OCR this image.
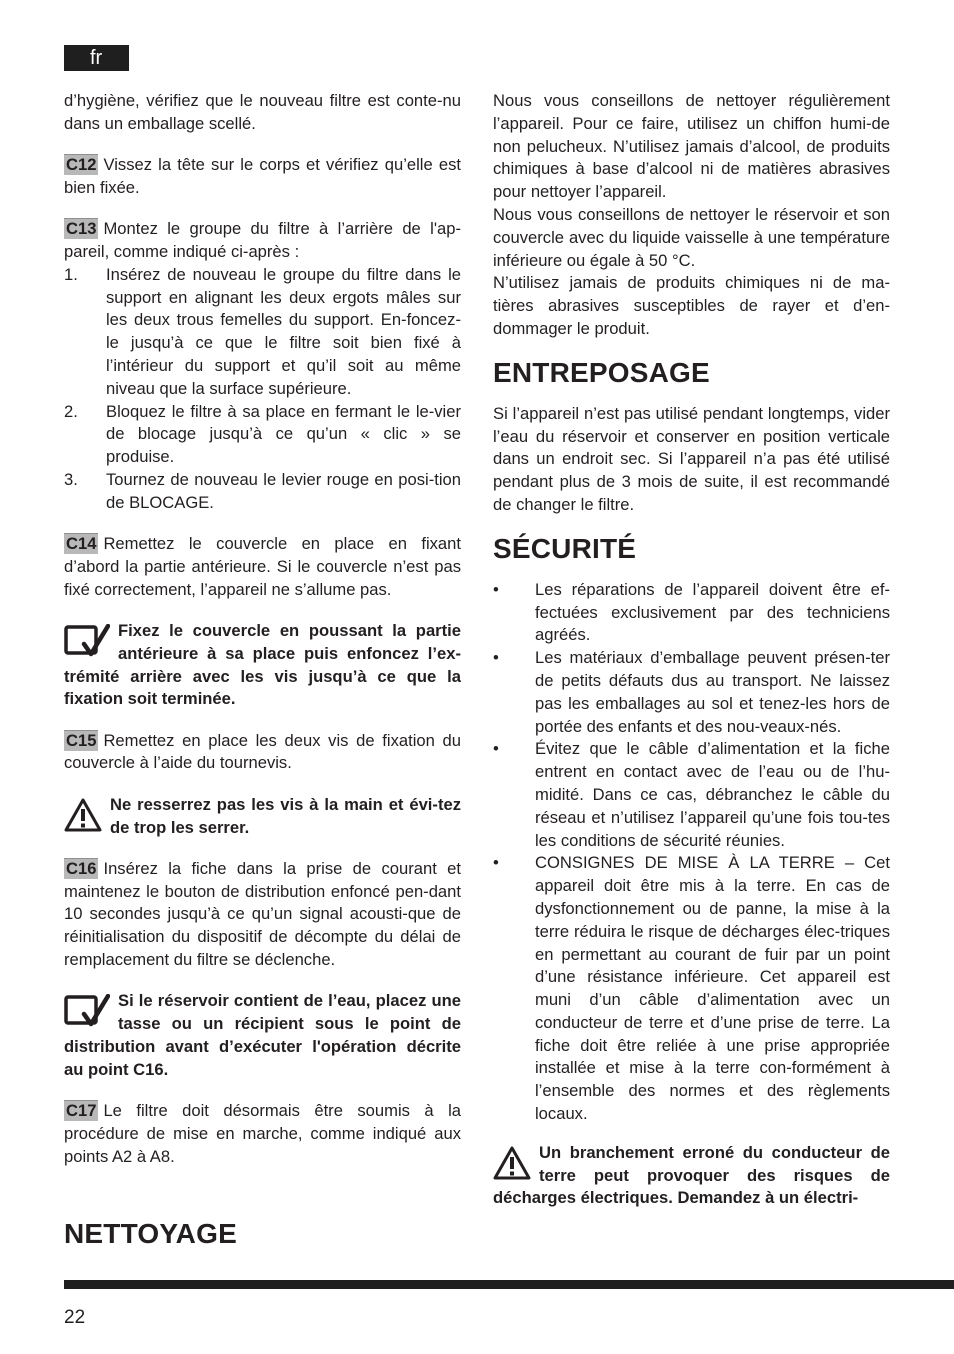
fr

d’hygiène, vérifiez que le nouveau filtre est conte-nu dans un emballage scellé.

C12 Vissez la tête sur le corps et vérifiez qu’elle est bien fixée.

C13 Montez le groupe du filtre à l’arrière de l'ap-pareil, comme indiqué ci-après :

1. Insérez de nouveau le groupe du filtre dans le support en alignant les deux ergots mâles sur les deux trous femelles du support. En-foncez-le jusqu’à ce que le filtre soit bien fixé à l’intérieur du support et qu’il soit au même niveau que la surface supérieure.
2. Bloquez le filtre à sa place en fermant le le-vier de blocage jusqu’à ce qu’un « clic » se produise.
3. Tournez de nouveau le levier rouge en posi-tion de BLOCAGE.

C14 Remettez le couvercle en place en fixant d’abord la partie antérieure. Si le couvercle n’est pas fixé correctement, l’appareil ne s’allume pas.

Fixez le couvercle en poussant la partie antérieure à sa place puis enfoncez l’ex-trémité arrière avec les vis jusqu’à ce que la fixation soit terminée.

C15 Remettez en place les deux vis de fixation du couvercle à l’aide du tournevis.

Ne resserrez pas les vis à la main et évi-tez de trop les serrer.

C16 Insérez la fiche dans la prise de courant et maintenez le bouton de distribution enfoncé pen-dant 10 secondes jusqu’à ce qu’un signal acousti-que de réinitialisation du dispositif de décompte du délai de remplacement du filtre se déclenche.

Si le réservoir contient de l’eau, placez une tasse ou un récipient sous le point de distribution avant d’exécuter l'opération décrite au point C16.

C17 Le filtre doit désormais être soumis à la procédure de mise en marche, comme indiqué aux points A2 à A8.

NETTOYAGE

Nous vous conseillons de nettoyer régulièrement l’appareil. Pour ce faire, utilisez un chiffon humi-de non pelucheux. N’utilisez jamais d’alcool, de produits chimiques à base d’alcool ni de matières abrasives pour nettoyer l’appareil.

Nous vous conseillons de nettoyer le réservoir et son couvercle avec du liquide vaisselle à une température inférieure ou égale à 50 °C.

N’utilisez jamais de produits chimiques ni de ma-tières abrasives susceptibles de rayer et d’en-dommager le produit.

ENTREPOSAGE

Si l’appareil n’est pas utilisé pendant longtemps, vider l’eau du réservoir et conserver en position verticale dans un endroit sec. Si l’appareil n’a pas été utilisé pendant plus de 3 mois de suite, il est recommandé de changer le filtre.

SÉCURITÉ
• Les réparations de l’appareil doivent être ef-fectuées exclusivement par des techniciens agréés.
• Les matériaux d’emballage peuvent présen-ter de petits défauts dus au transport. Ne laissez pas les emballages au sol et tenez-les hors de portée des enfants et des nou-veaux-nés.
• Évitez que le câble d’alimentation et la fiche entrent en contact avec de l’eau ou de l’hu-midité. Dans ce cas, débranchez le câble du réseau et n’utilisez l’appareil qu’une fois tou-tes les conditions de sécurité réunies.
• CONSIGNES DE MISE À LA TERRE – Cet appareil doit être mis à la terre. En cas de dysfonctionnement ou de panne, la mise à la terre réduira le risque de décharges élec-triques en permettant au courant de fuir par un point d’une résistance inférieure. Cet appareil est muni d’un câble d’alimentation avec un conducteur de terre et d’une prise de terre. La fiche doit être reliée à une prise appropriée installée et mise à la terre con-formément à l’ensemble des normes et des règlements locaux.
Un branchement erroné du conducteur de terre peut provoquer des risques de décharges électriques. Demandez à un électri-
22
